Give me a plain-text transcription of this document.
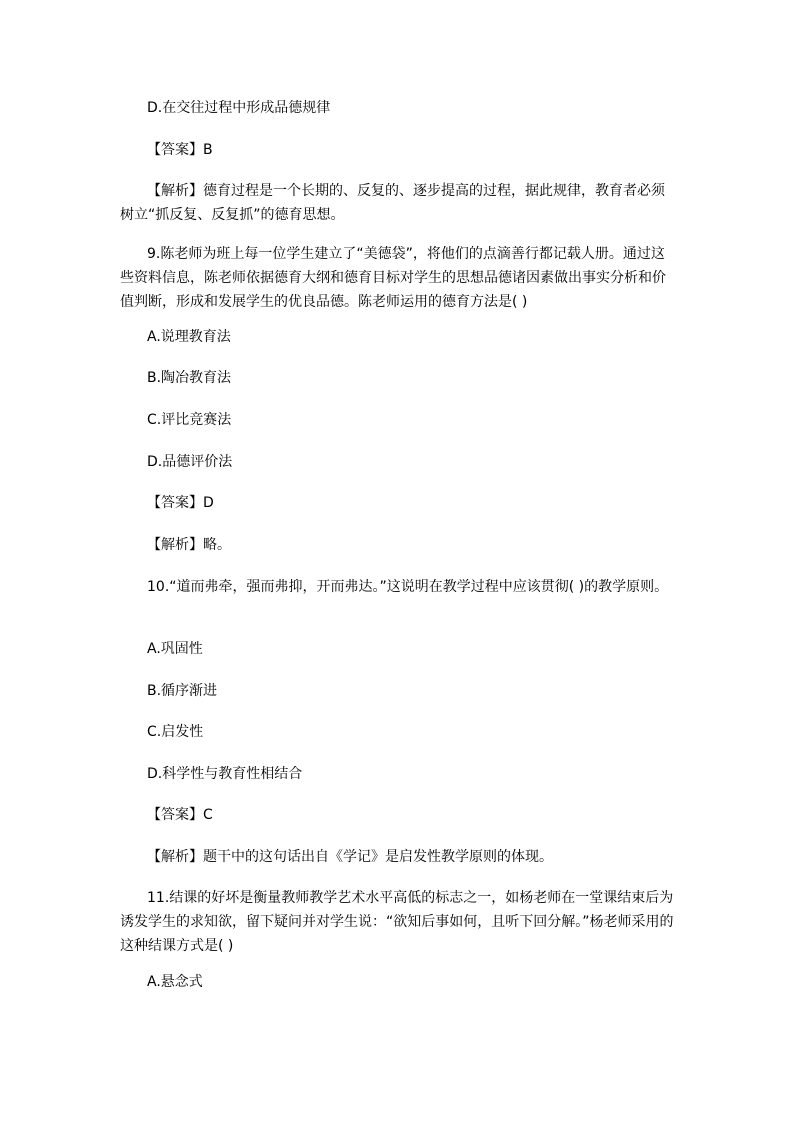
D.在交往过程中形成品德规律
【答案】B
【解析】德育过程是一个长期的、反复的、逐步提高的过程，据此规律，教育者必须树立“抓反复、反复抓”的德育思想。
9.陈老师为班上每一位学生建立了“美德袋”，将他们的点滴善行都记载人册。通过这些资料信息，陈老师依据德育大纲和德育目标对学生的思想品德诸因素做出事实分析和价值判断，形成和发展学生的优良品德。陈老师运用的德育方法是( )
A.说理教育法
B.陶冶教育法
C.评比竞赛法
D.品德评价法
【答案】D
【解析】略。
10.“道而弗牵，强而弗抑，开而弗达。”这说明在教学过程中应该贯彻( )的教学原则。
A.巩固性
B.循序渐进
C.启发性
D.科学性与教育性相结合
【答案】C
【解析】题干中的这句话出自《学记》是启发性教学原则的体现。
11.结课的好坏是衡量教师教学艺术水平高低的标志之一，如杨老师在一堂课结束后为诱发学生的求知欲，留下疑问并对学生说：“欲知后事如何，且听下回分解。”杨老师采用的这种结课方式是( )
A.悬念式
